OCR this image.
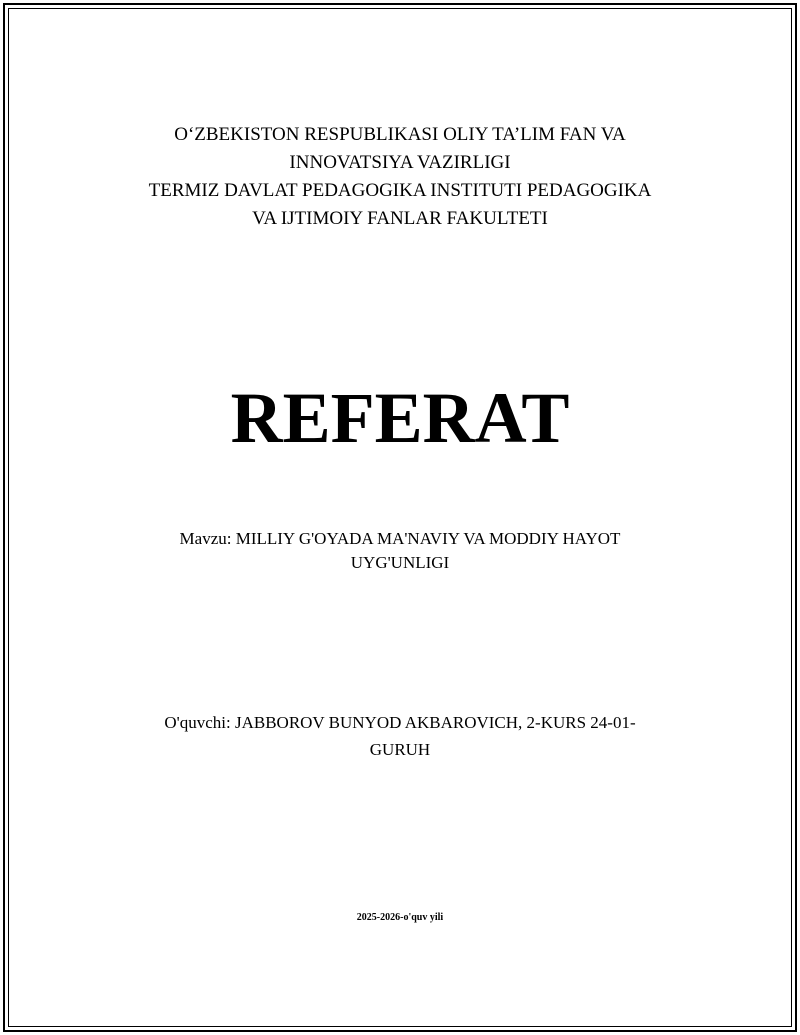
O‘ZBEKISTON RESPUBLIKASI OLIY TA’LIM FAN VA
INNOVATSIYA VAZIRLIGI
TERMIZ DAVLAT PEDAGOGIKA INSTITUTI PEDAGOGIKA
VA IJTIMOIY FANLAR FAKULTETI
REFERAT
Mavzu: MILLIY G'OYADA MA'NAVIY VA MODDIY HAYOT
UYG'UNLIGI
O'quvchi: JABBOROV BUNYOD AKBAROVICH, 2-KURS 24-01-
GURUH
2025-2026-o'quv yili
